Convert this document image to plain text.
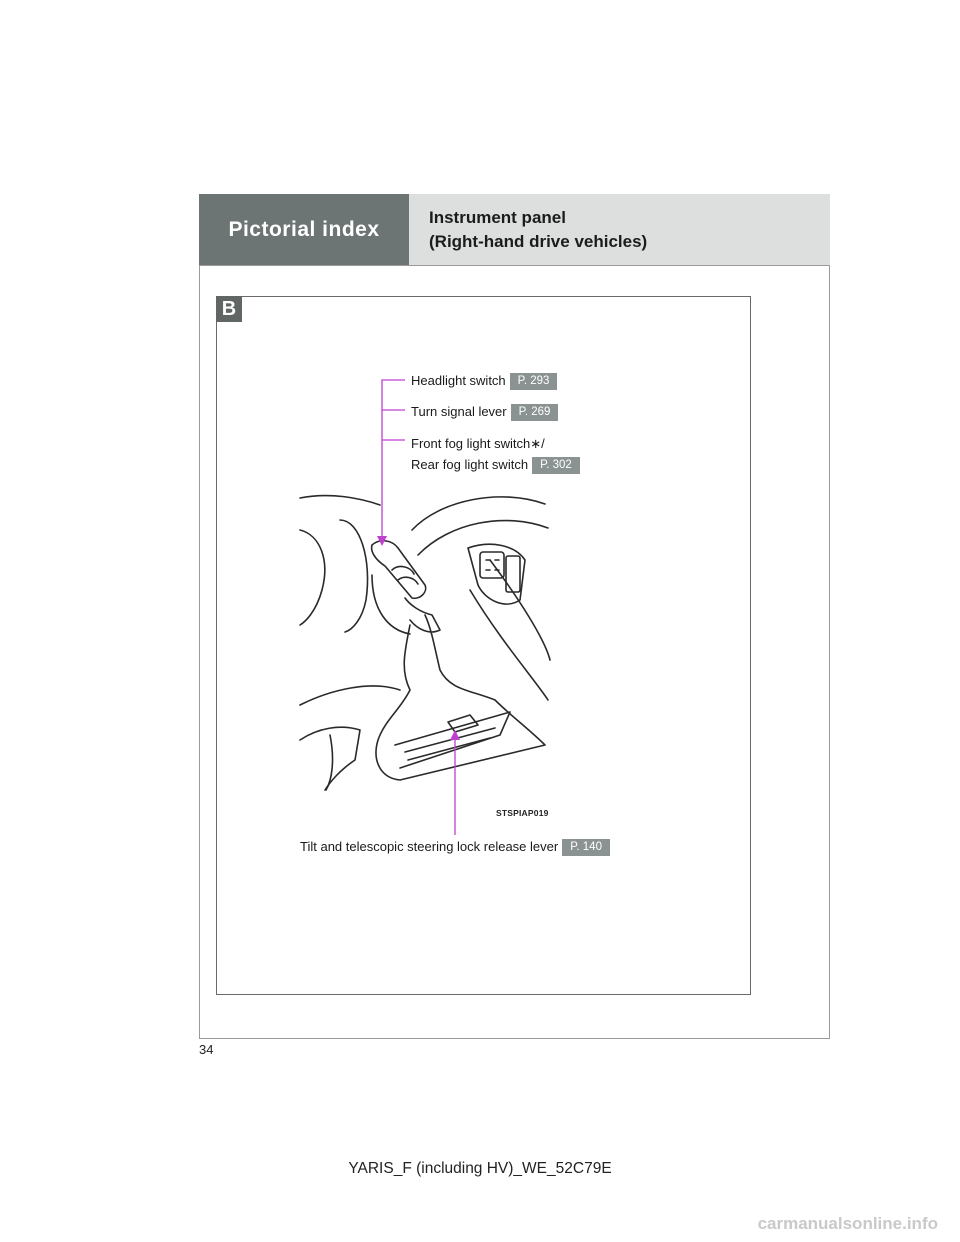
Pictorial index	Instrument panel
(Right-hand drive vehicles)
B
Headlight switch P. 293
Turn signal lever P. 269
Front fog light switch∗/
Rear fog light switch P. 302
STSPIAP019
Tilt and telescopic steering lock release lever P. 140
34
YARIS_F (including HV)_WE_52C79E
carmanualsonline.info
